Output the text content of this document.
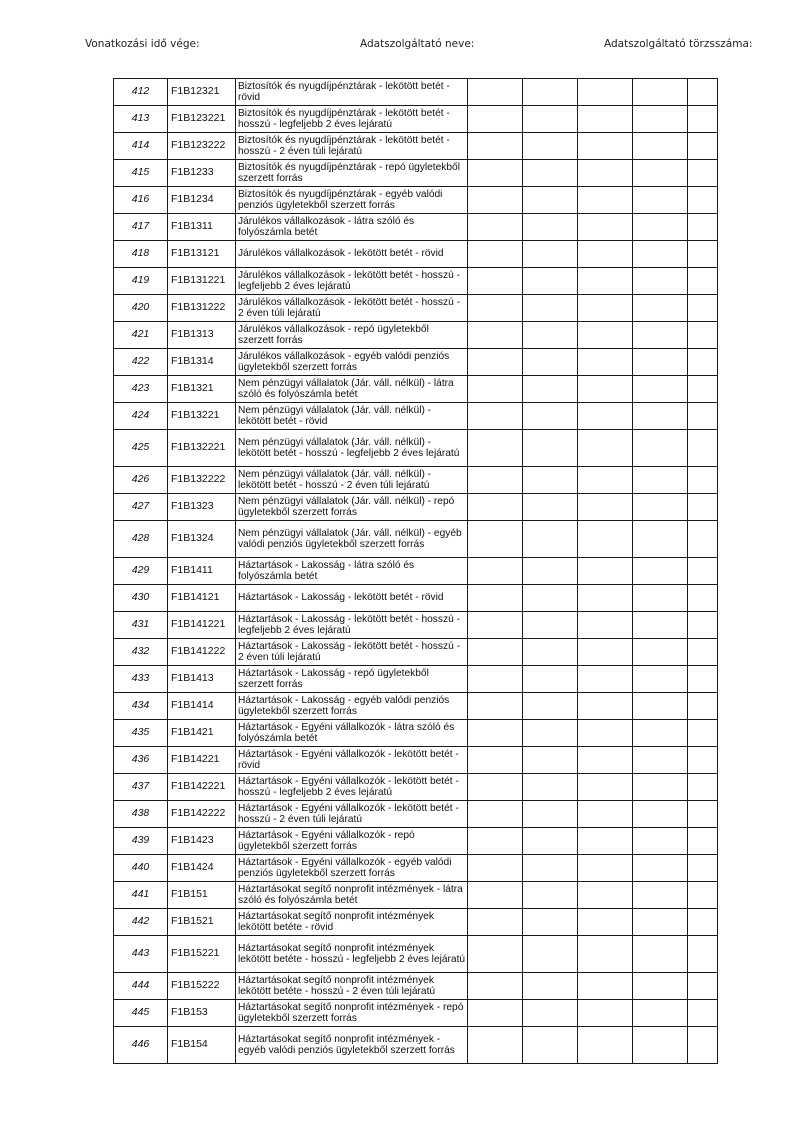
Vonatkozási idő vége:	Adatszolgáltató neve:	Adatszolgáltató törzsszáma:
412	F1B12321	Biztosítók és nyugdíjpénztárak - lekötött betét - rövid					
413	F1B123221	Biztosítók és nyugdíjpénztárak - lekötött betét - hosszú - legfeljebb 2 éves lejáratú					
414	F1B123222	Biztosítók és nyugdíjpénztárak - lekötött betét - hosszú - 2 éven túli lejáratú					
415	F1B1233	Biztosítók és nyugdíjpénztárak - repó ügyletekből szerzett forrás					
416	F1B1234	Biztosítók és nyugdíjpénztárak - egyéb valódi penziós ügyletekből szerzett forrás					
417	F1B1311	Járulékos vállalkozások - látra szóló és folyószámla betét					
418	F1B13121	Járulékos vállalkozások - lekötött betét - rövid					
419	F1B131221	Járulékos vállalkozások - lekötött betét - hosszú - legfeljebb 2 éves lejáratú					
420	F1B131222	Járulékos vállalkozások - lekötött betét - hosszú - 2 éven túli lejáratú					
421	F1B1313	Járulékos vállalkozások - repó ügyletekből szerzett forrás					
422	F1B1314	Járulékos vállalkozások - egyéb valódi penziós ügyletekből szerzett forrás					
423	F1B1321	Nem pénzügyi vállalatok (Jár. váll. nélkül) - látra szóló és folyószámla betét					
424	F1B13221	Nem pénzügyi vállalatok (Jár. váll. nélkül) - lekötött betét - rövid					
425	F1B132221	Nem pénzügyi vállalatok (Jár. váll. nélkül) - lekötött betét - hosszú - legfeljebb 2 éves lejáratú					
426	F1B132222	Nem pénzügyi vállalatok (Jár. váll. nélkül) - lekötött betét - hosszú - 2 éven túli lejáratú					
427	F1B1323	Nem pénzügyi vállalatok (Jár. váll. nélkül) - repó ügyletekből szerzett forrás					
428	F1B1324	Nem pénzügyi vállalatok (Jár. váll. nélkül) - egyéb valódi penziós ügyletekből szerzett forrás					
429	F1B1411	Háztartások - Lakosság - látra szóló és folyószámla betét					
430	F1B14121	Háztartások - Lakosság - lekötött betét - rövid					
431	F1B141221	Háztartások - Lakosság - lekötött betét - hosszú - legfeljebb 2 éves lejáratú					
432	F1B141222	Háztartások - Lakosság - lekötött betét - hosszú - 2 éven túli lejáratú					
433	F1B1413	Háztartások - Lakosság - repó ügyletekből szerzett forrás					
434	F1B1414	Háztartások - Lakosság - egyéb valódi penziós ügyletekből szerzett forrás					
435	F1B1421	Háztartások - Egyéni vállalkozók - látra szóló és folyószámla betét					
436	F1B14221	Háztartások - Egyéni vállalkozók - lekötött betét - rövid					
437	F1B142221	Háztartások - Egyéni vállalkozók - lekötött betét - hosszú - legfeljebb 2 éves lejáratú					
438	F1B142222	Háztartások - Egyéni vállalkozók - lekötött betét - hosszú - 2 éven túli lejáratú					
439	F1B1423	Háztartások - Egyéni vállalkozók - repó ügyletekből szerzett forrás					
440	F1B1424	Háztartások - Egyéni vállalkozók - egyéb valódi penziós ügyletekből szerzett forrás					
441	F1B151	Háztartásokat segítő nonprofit intézmények - látra szóló és folyószámla betét					
442	F1B1521	Háztartásokat segítő nonprofit intézmények lekötött betéte - rövid					
443	F1B15221	Háztartásokat segítő nonprofit intézmények lekötött betéte - hosszú - legfeljebb 2 éves lejáratú					
444	F1B15222	Háztartásokat segítő nonprofit intézmények lekötött betéte - hosszú - 2 éven túli lejáratú					
445	F1B153	Háztartásokat segítő nonprofit intézmények - repó ügyletekből szerzett forrás					
446	F1B154	Háztartásokat segítő nonprofit intézmények - egyéb valódi penziós ügyletekből szerzett forrás					
